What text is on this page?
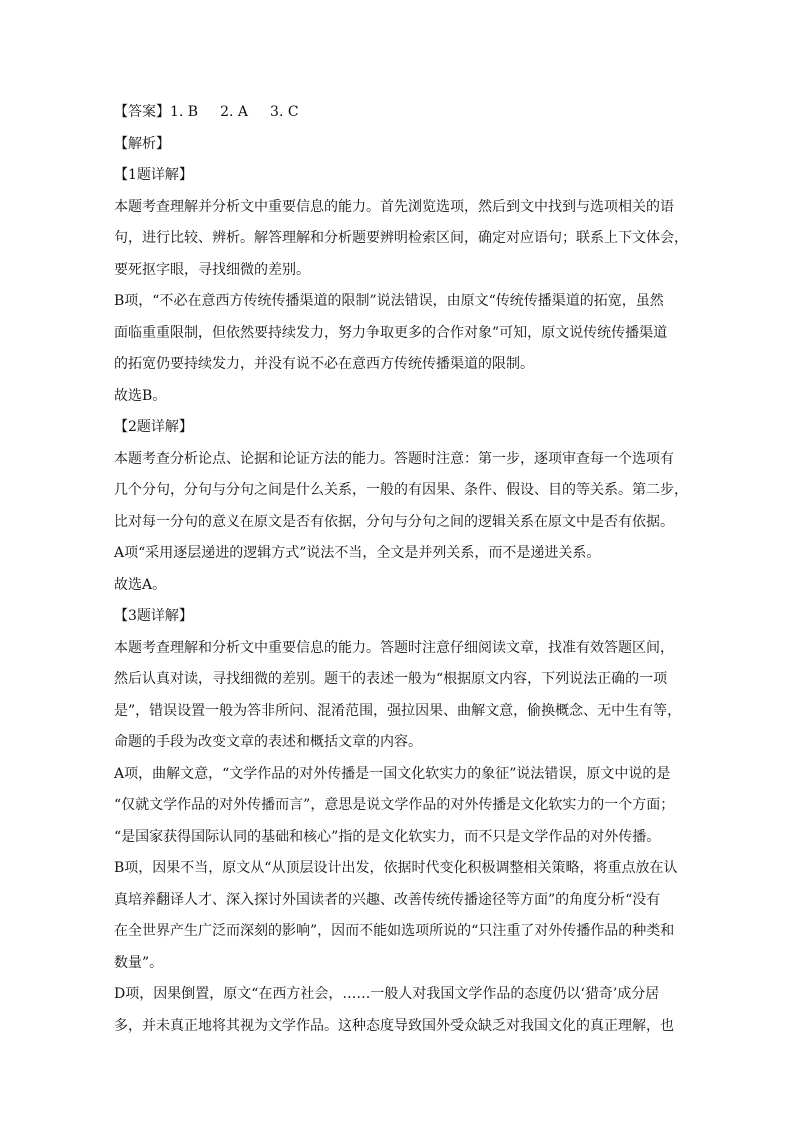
【答案】1. B 2. A 3. C
【解析】
【1题详解】
本题考查理解并分析文中重要信息的能力。首先浏览选项，然后到文中找到与选项相关的语
句，进行比较、辨析。解答理解和分析题要辨明检索区间，确定对应语句；联系上下文体会，
要死抠字眼，寻找细微的差别。
B项，“不必在意西方传统传播渠道的限制”说法错误，由原文“传统传播渠道的拓宽，虽然
面临重重限制，但依然要持续发力，努力争取更多的合作对象”可知，原文说传统传播渠道
的拓宽仍要持续发力，并没有说不必在意西方传统传播渠道的限制。
故选B。
【2题详解】
本题考查分析论点、论据和论证方法的能力。答题时注意：第一步，逐项审查每一个选项有
几个分句，分句与分句之间是什么关系，一般的有因果、条件、假设、目的等关系。第二步，
比对每一分句的意义在原文是否有依据，分句与分句之间的逻辑关系在原文中是否有依据。
A项“采用逐层递进的逻辑方式”说法不当，全文是并列关系，而不是递进关系。
故选A。
【3题详解】
本题考查理解和分析文中重要信息的能力。答题时注意仔细阅读文章，找准有效答题区间，
然后认真对读，寻找细微的差别。题干的表述一般为“根据原文内容，下列说法正确的一项
是”，错误设置一般为答非所问、混淆范围，强拉因果、曲解文意，偷换概念、无中生有等，
命题的手段为改变文章的表述和概括文章的内容。
A项，曲解文意，“文学作品的对外传播是一国文化软实力的象征”说法错误，原文中说的是
“仅就文学作品的对外传播而言”，意思是说文学作品的对外传播是文化软实力的一个方面；
“是国家获得国际认同的基础和核心”指的是文化软实力，而不只是文学作品的对外传播。
B项，因果不当，原文从“从顶层设计出发，依据时代变化积极调整相关策略，将重点放在认
真培养翻译人才、深入探讨外国读者的兴趣、改善传统传播途径等方面”的角度分析“没有
在全世界产生广泛而深刻的影响”，因而不能如选项所说的“只注重了对外传播作品的种类和
数量”。
D项，因果倒置，原文“在西方社会，……一般人对我国文学作品的态度仍以‘猎奇’成分居
多，并未真正地将其视为文学作品。这种态度导致国外受众缺乏对我国文化的真正理解，也
